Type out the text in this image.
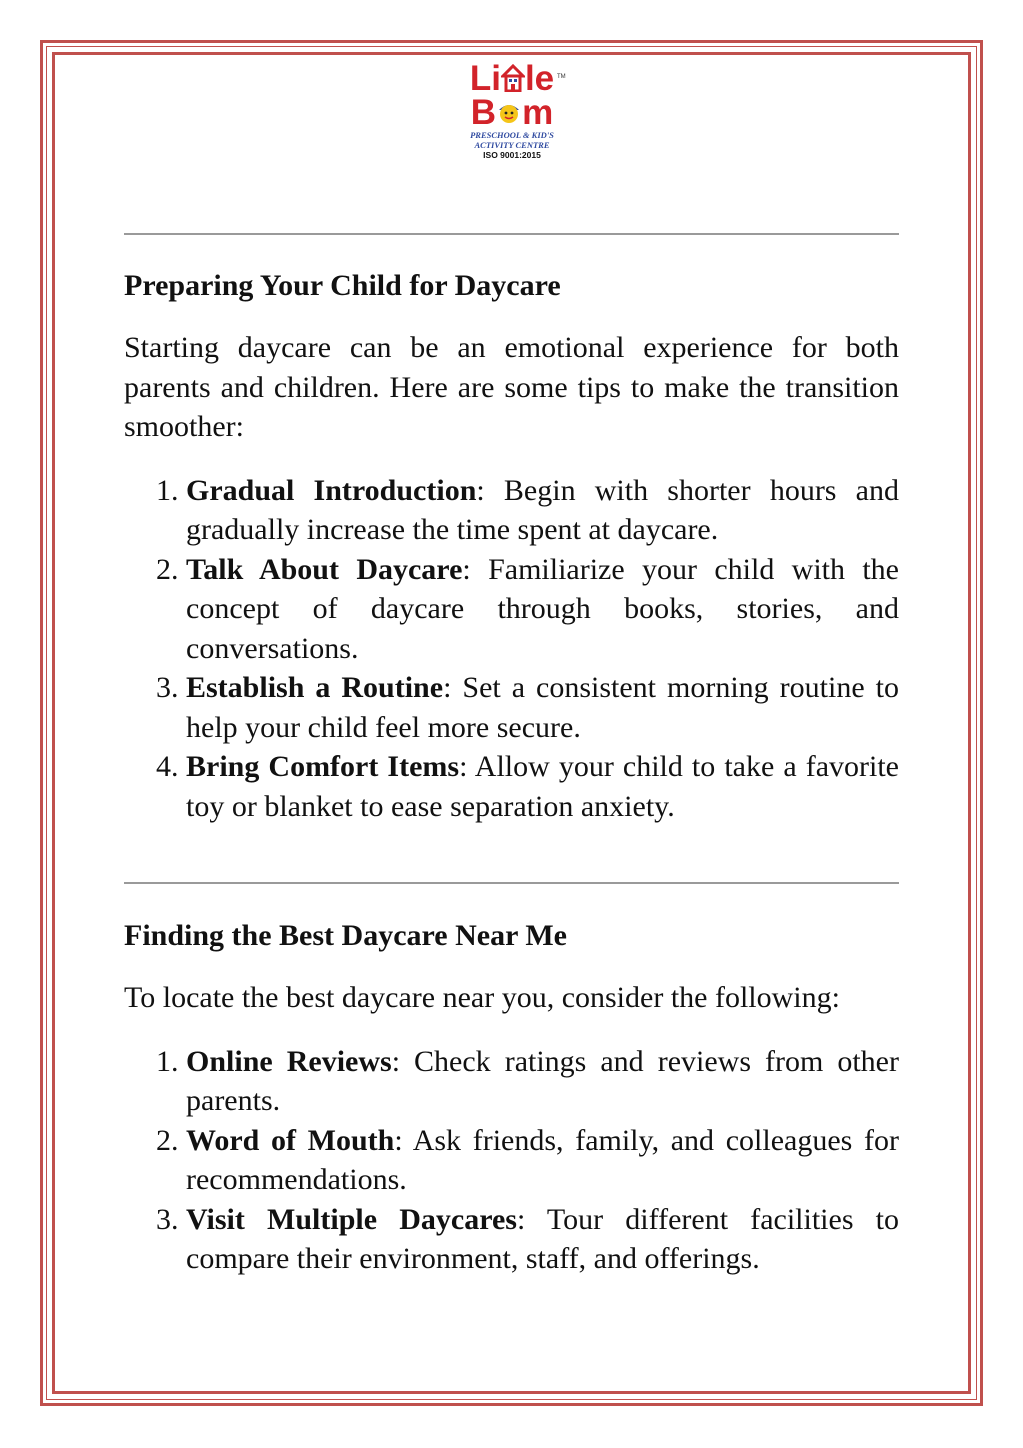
Li le TM
B m
PRESCHOOL & KID'S
ACTIVITY CENTRE
ISO 9001:2015
Preparing Your Child for Daycare

Starting daycare can be an emotional experience for both parents and children. Here are some tips to make the transition smoother:

1. Gradual Introduction: Begin with shorter hours and gradually increase the time spent at daycare.
2. Talk About Daycare: Familiarize your child with the concept of daycare through books, stories, and conversations.
3. Establish a Routine: Set a consistent morning routine to help your child feel more secure.
4. Bring Comfort Items: Allow your child to take a favorite toy or blanket to ease separation anxiety.
Finding the Best Daycare Near Me

To locate the best daycare near you, consider the following:

1. Online Reviews: Check ratings and reviews from other parents.
2. Word of Mouth: Ask friends, family, and colleagues for recommendations.
3. Visit Multiple Daycares: Tour different facilities to compare their environment, staff, and offerings.
